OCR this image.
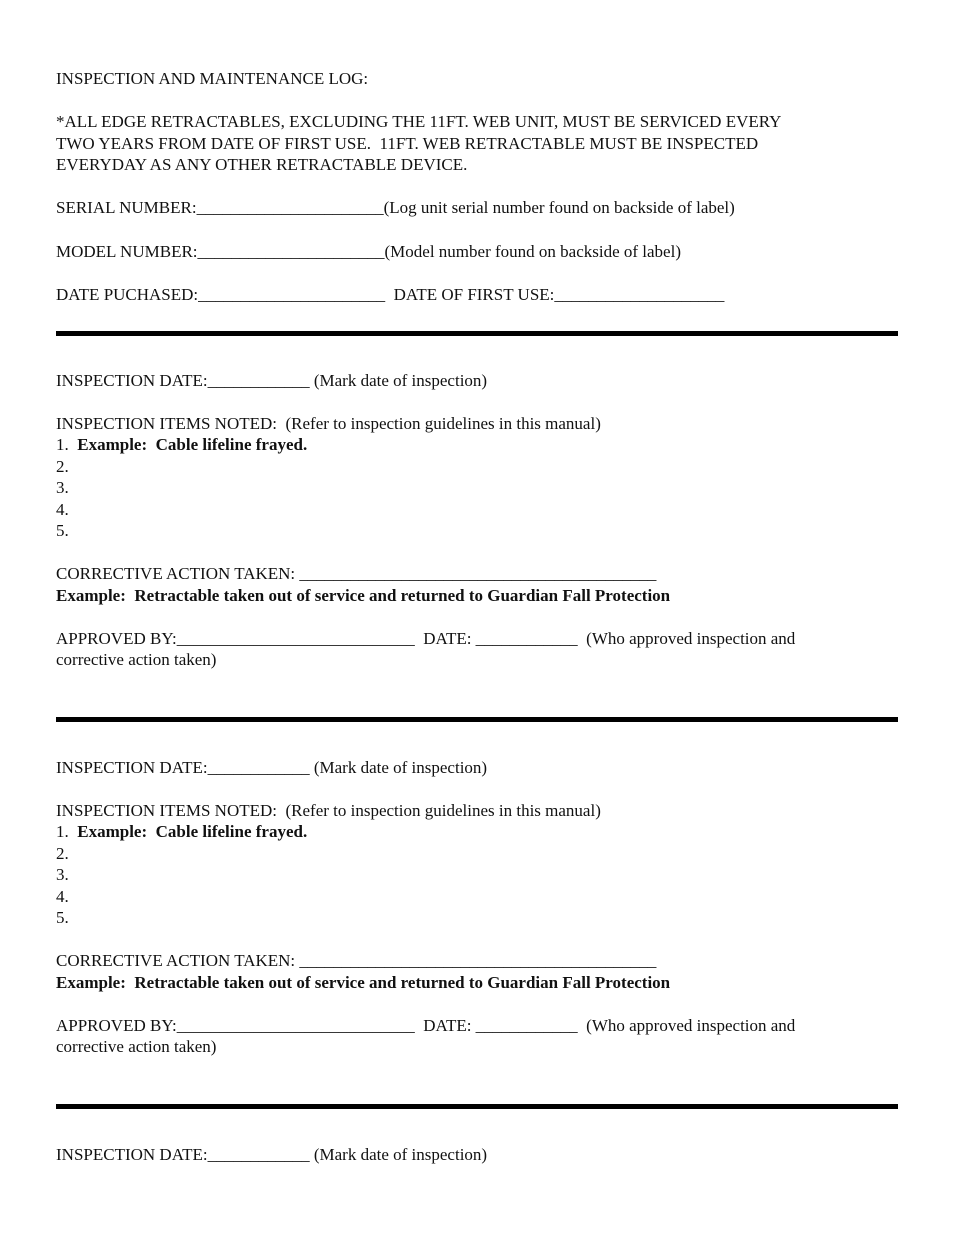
INSPECTION AND MAINTENANCE LOG:
*ALL EDGE RETRACTABLES, EXCLUDING THE 11FT. WEB UNIT, MUST BE SERVICED EVERY
TWO YEARS FROM DATE OF FIRST USE.  11FT. WEB RETRACTABLE MUST BE INSPECTED
EVERYDAY AS ANY OTHER RETRACTABLE DEVICE.
SERIAL NUMBER:______________________(Log unit serial number found on backside of label)
MODEL NUMBER:______________________(Model number found on backside of label)
DATE PUCHASED:______________________  DATE OF FIRST USE:____________________
INSPECTION DATE:____________ (Mark date of inspection)
INSPECTION ITEMS NOTED:  (Refer to inspection guidelines in this manual)
1.  Example:  Cable lifeline frayed.
2.
3.
4.
5.
CORRECTIVE ACTION TAKEN: __________________________________________
Example:  Retractable taken out of service and returned to Guardian Fall Protection
APPROVED BY:____________________________  DATE: ____________  (Who approved inspection and
corrective action taken)
INSPECTION DATE:____________ (Mark date of inspection)
INSPECTION ITEMS NOTED:  (Refer to inspection guidelines in this manual)
1.  Example:  Cable lifeline frayed.
2.
3.
4.
5.
CORRECTIVE ACTION TAKEN: __________________________________________
Example:  Retractable taken out of service and returned to Guardian Fall Protection
APPROVED BY:____________________________  DATE: ____________  (Who approved inspection and
corrective action taken)
INSPECTION DATE:____________ (Mark date of inspection)
